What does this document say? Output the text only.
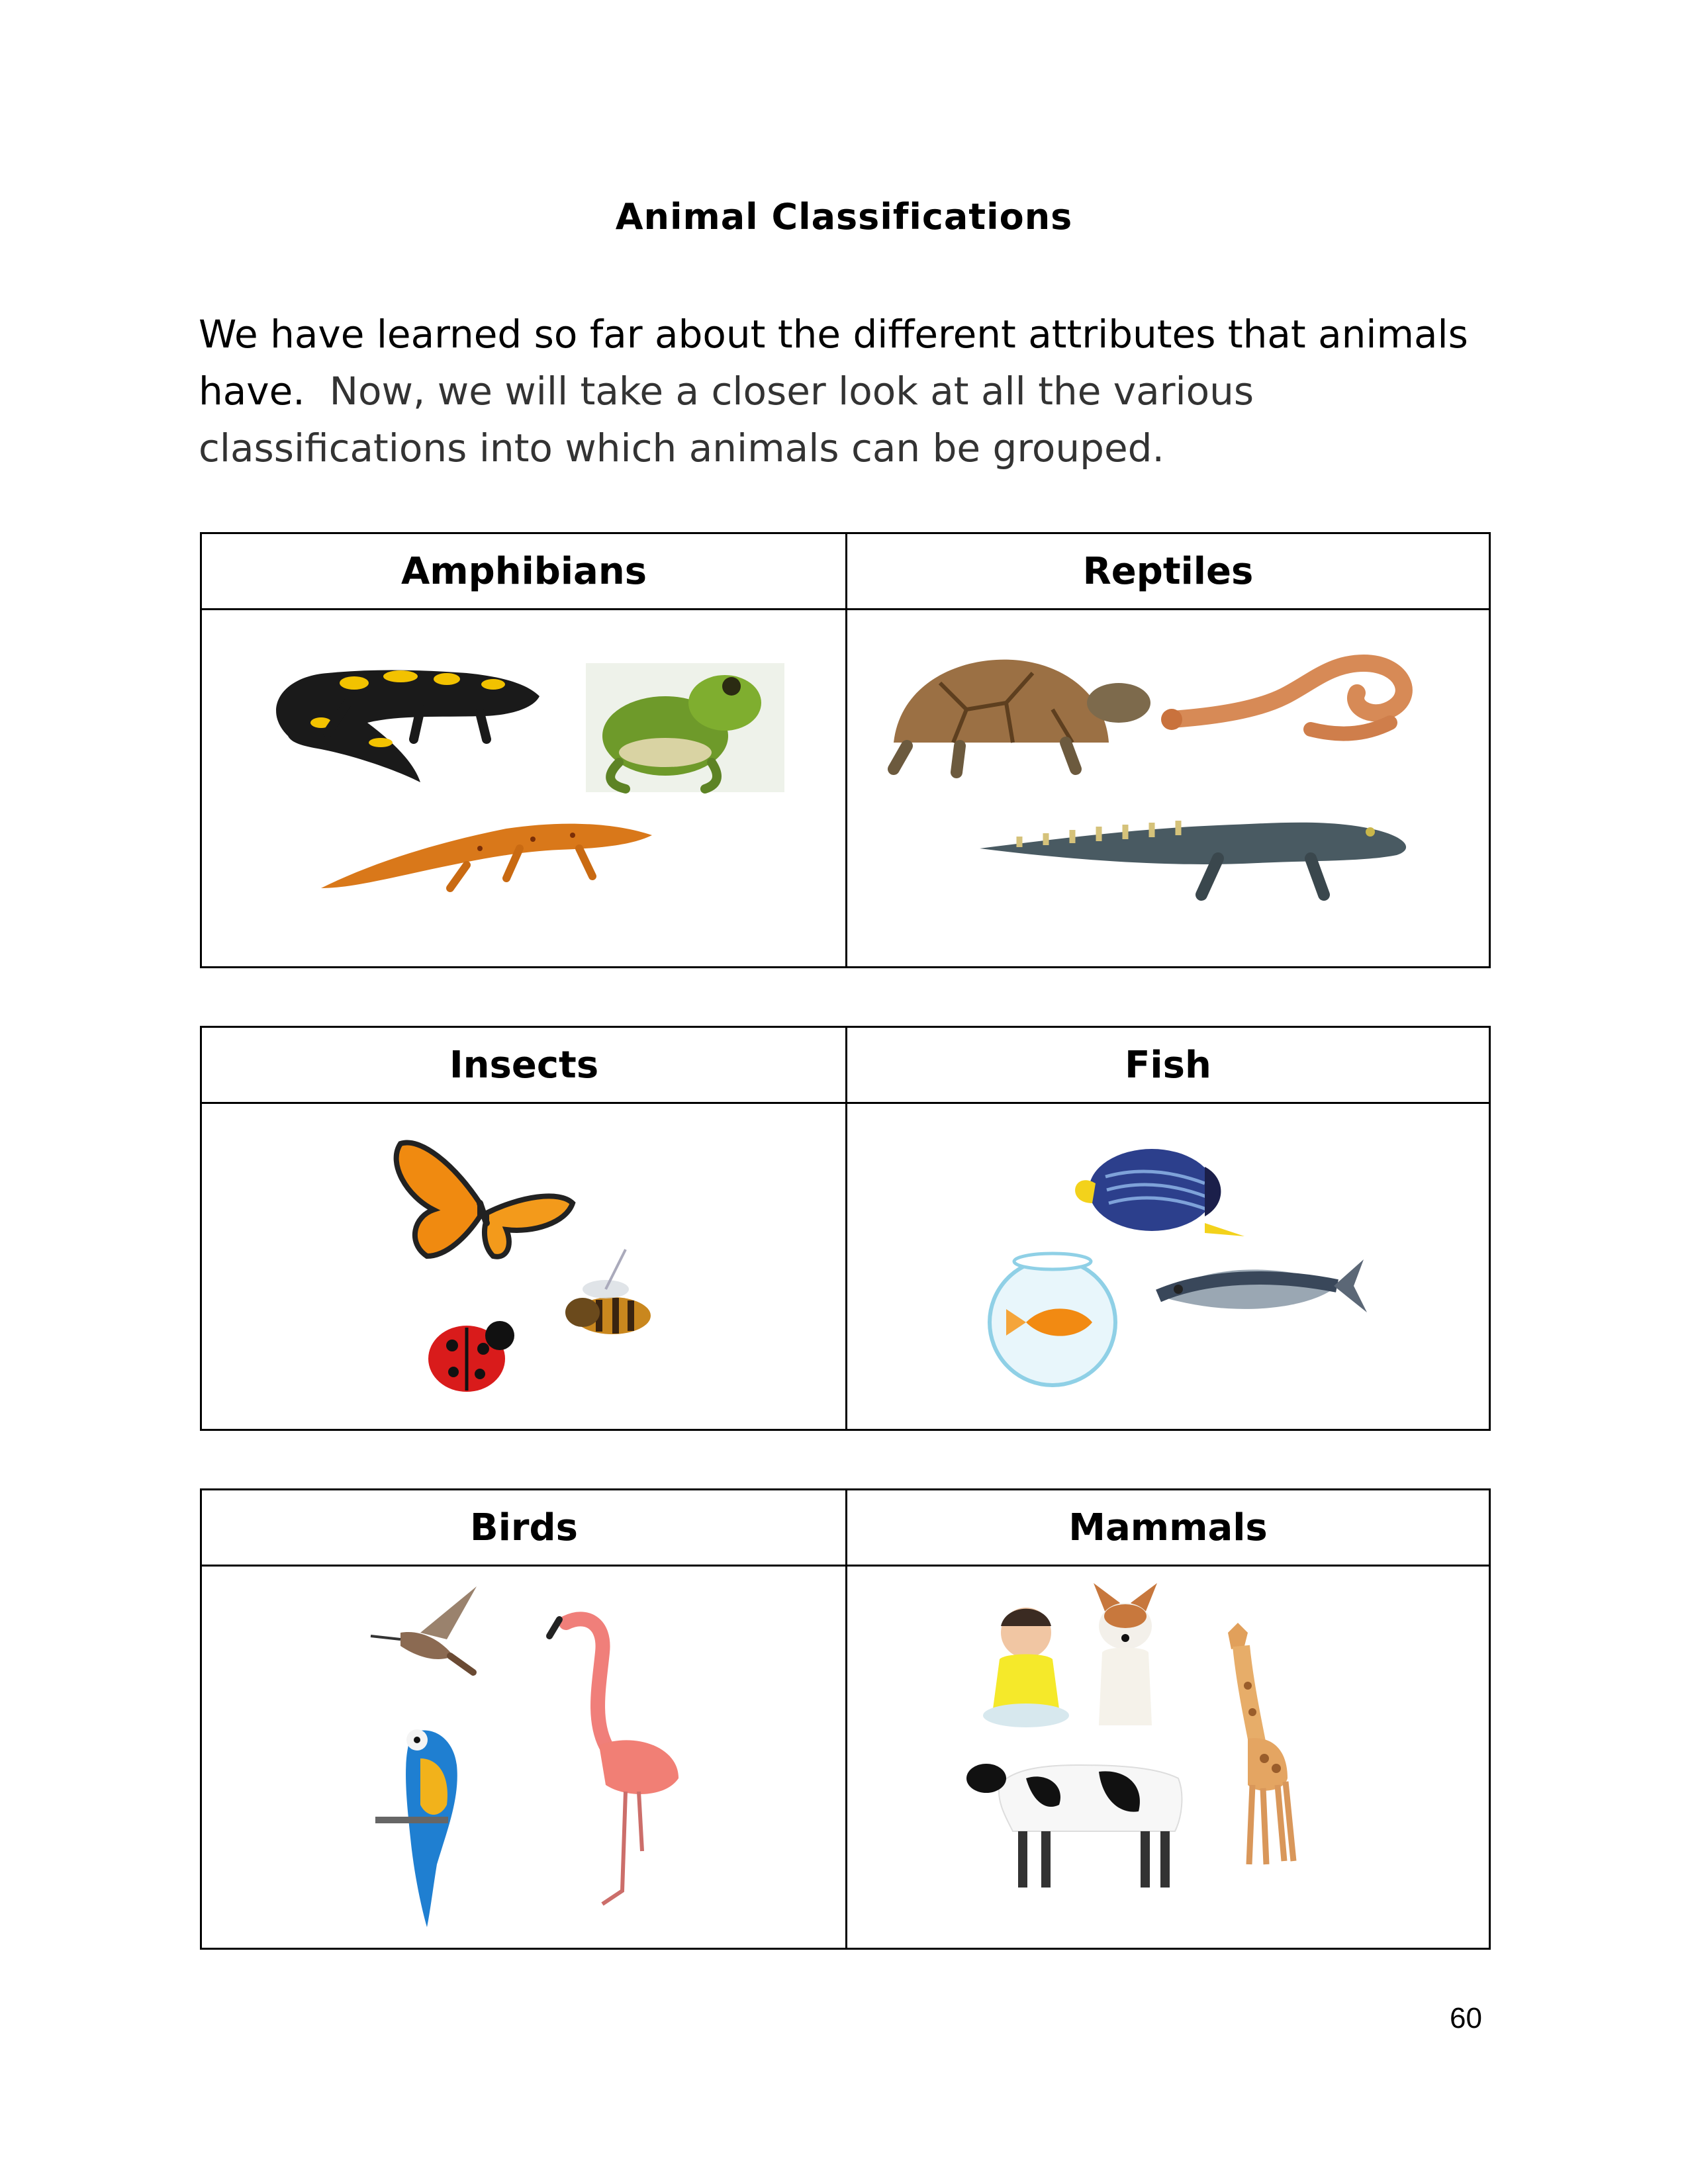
Animal Classifications
We have learned so far about the different attributes that animals have. Now, we will take a closer look at all the various classifications into which animals can be grouped.
Amphibians	Reptiles
Insects	Fish
Birds	Mammals
60
